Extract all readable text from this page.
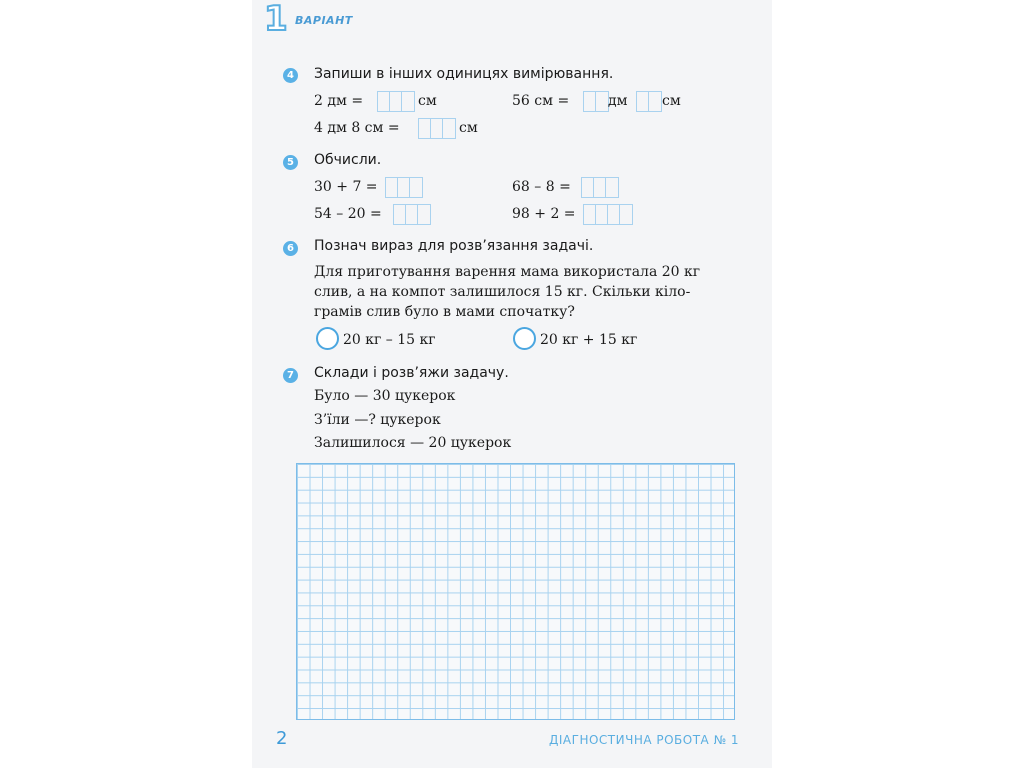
1 ВАРІАНТ
4 Запиши в інших одиницях вимірювання.
2 дм =	см	56 см =	дм см
4 дм 8 см =	см
5 Обчисли.
30 + 7 =	68 – 8 =
54 – 20 =	98 + 2 =
6 Познач вираз для розв’язання задачі.
Для приготування варення мама використала 20 кг
слив, а на компот залишилося 15 кг. Скільки кіло-
грамів слив було в мами спочатку?
20 кг – 15 кг	20 кг + 15 кг
7 Склади і розв’яжи задачу.
Було — 30 цукерок
З’їли —? цукерок
Залишилося — 20 цукерок
2	ДІАГНОСТИЧНА РОБОТА № 1
